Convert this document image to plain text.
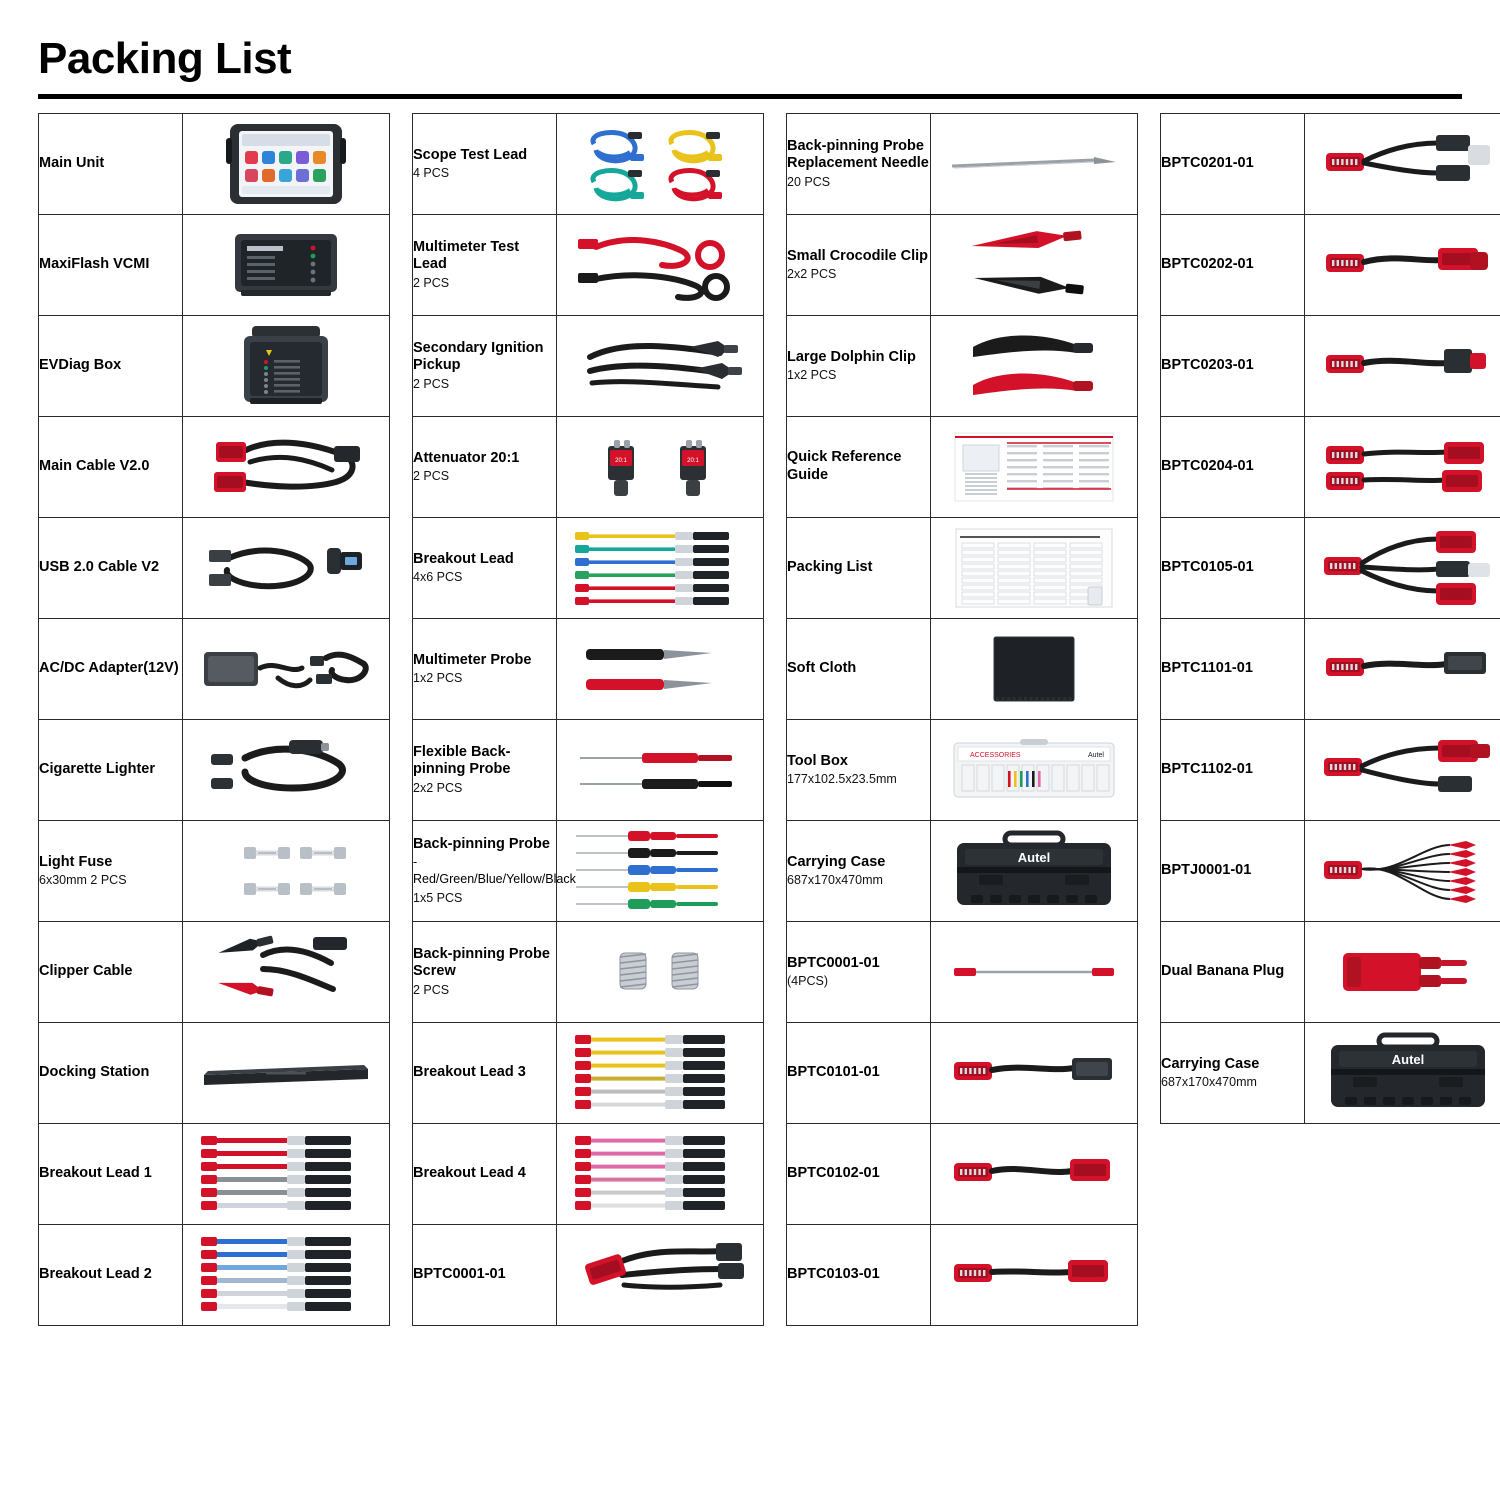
Packing List
Main Unit	

MaxiFlash VCMI	

EVDiag Box	

Main Cable V2.0	

USB 2.0 Cable V2	

AC/DC Adapter(12V)	

Cigarette Lighter	

Light Fuse
6x30mm 2 PCS

Clipper Cable	

Docking Station	

Breakout Lead 1	

Breakout Lead 2	
Scope Test Lead
4 PCS

Multimeter Test Lead
2 PCS

Secondary Ignition Pickup
2 PCS

Attenuator 20:1
2 PCS	20:1 20:1

Breakout Lead
4x6 PCS

Multimeter Probe
1x2 PCS

Flexible Back-pinning Probe
2x2 PCS

Back-pinning Probe - Red/Green/Blue/Yellow/Black
1x5 PCS

Back-pinning Probe Screw
2 PCS

Breakout Lead 3	

Breakout Lead 4	

BPTC0001-01	
Back-pinning Probe Replacement Needle
20 PCS

Small Crocodile Clip
2x2 PCS

Large Dolphin Clip
1x2 PCS

Quick Reference Guide	

Packing List	

Soft Cloth	

Tool Box
177x102.5x23.5mm	ACCESSORIES Autel

Carrying Case
687x170x470mm	Autel

BPTC0001-01
(4PCS)

BPTC0101-01	

BPTC0102-01	

BPTC0103-01	
BPTC0201-01	

BPTC0202-01	

BPTC0203-01	

BPTC0204-01	

BPTC0105-01	

BPTC1101-01	

BPTC1102-01	

BPTJ0001-01	

Dual Banana Plug	

Carrying Case
687x170x470mm	Autel
